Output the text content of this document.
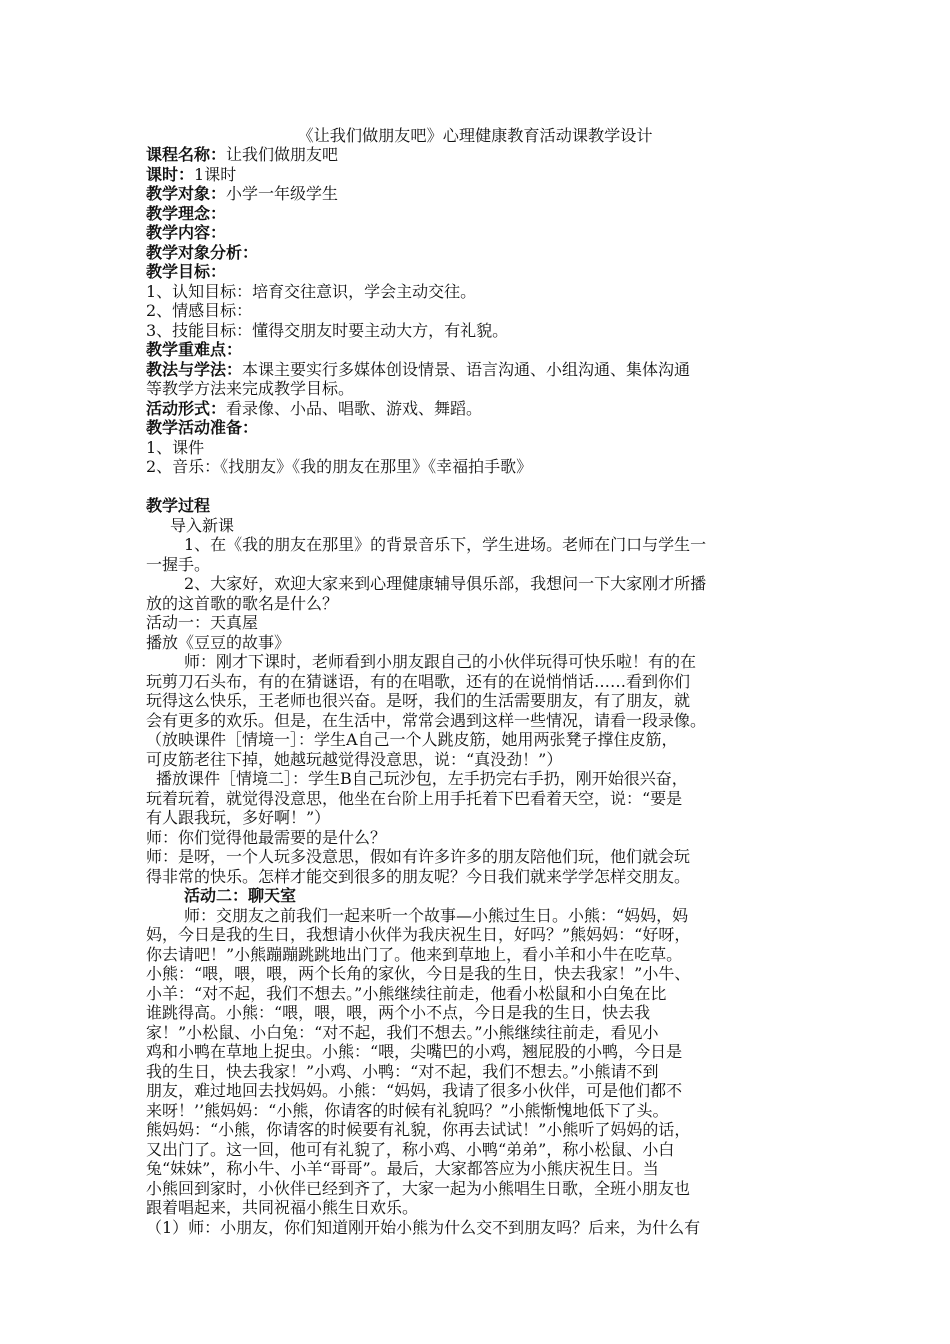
《让我们做朋友吧》心理健康教育活动课教学设计

课程名称：让我们做朋友吧

课时：1课时

教学对象：小学一年级学生

教学理念：

教学内容：

教学对象分析：

教学目标：

1、认知目标：培育交往意识，学会主动交往。

2、情感目标：

3、技能目标：懂得交朋友时要主动大方，有礼貌。

教学重难点：

教法与学法：本课主要实行多媒体创设情景、语言沟通、小组沟通、集体沟通

等教学方法来完成教学目标。

活动形式：看录像、小品、唱歌、游戏、舞蹈。

教学活动准备：

1、课件

2、音乐：《找朋友》《我的朋友在那里》《幸福拍手歌》

教学过程

导入新课

1、在《我的朋友在那里》的背景音乐下，学生进场。老师在门口与学生一

一握手。

2、大家好，欢迎大家来到心理健康辅导俱乐部，我想问一下大家刚才所播

放的这首歌的歌名是什么？

活动一：天真屋

播放《豆豆的故事》

师：刚才下课时，老师看到小朋友跟自己的小伙伴玩得可快乐啦！有的在

玩剪刀石头布，有的在猜谜语，有的在唱歌，还有的在说悄悄话……看到你们

玩得这么快乐，王老师也很兴奋。是呀，我们的生活需要朋友，有了朋友，就

会有更多的欢乐。但是，在生活中，常常会遇到这样一些情况，请看一段录像。

（放映课件［情境一］：学生A自己一个人跳皮筋，她用两张凳子撑住皮筋，

可皮筋老往下掉，她越玩越觉得没意思，说：“真没劲！”）

播放课件［情境二］：学生B自己玩沙包，左手扔完右手扔，刚开始很兴奋，

玩着玩着，就觉得没意思，他坐在台阶上用手托着下巴看着天空，说：“要是

有人跟我玩，多好啊！”）

师：你们觉得他最需要的是什么？

师：是呀，一个人玩多没意思，假如有许多许多的朋友陪他们玩，他们就会玩

得非常的快乐。怎样才能交到很多的朋友呢？今日我们就来学学怎样交朋友。

活动二：聊天室

师：交朋友之前我们一起来听一个故事—小熊过生日。小熊：“妈妈，妈

妈，今日是我的生日，我想请小伙伴为我庆祝生日，好吗？”熊妈妈：“好呀，

你去请吧！”小熊蹦蹦跳跳地出门了。他来到草地上，看小羊和小牛在吃草。

小熊：“喂，喂，喂，两个长角的家伙，今日是我的生日，快去我家！”小牛、

小羊：“对不起，我们不想去。”小熊继续往前走，他看小松鼠和小白兔在比

谁跳得高。小熊：“喂，喂，喂，两个小不点，今日是我的生日，快去我

家！”小松鼠、小白兔：“对不起，我们不想去。”小熊继续往前走，看见小

鸡和小鸭在草地上捉虫。小熊：“喂，尖嘴巴的小鸡，翘屁股的小鸭，今日是

我的生日，快去我家！”小鸡、小鸭：“对不起，我们不想去。”小熊请不到

朋友，难过地回去找妈妈。小熊：“妈妈，我请了很多小伙伴，可是他们都不

来呀！’’熊妈妈：“小熊，你请客的时候有礼貌吗？”小熊惭愧地低下了头。

熊妈妈：“小熊，你请客的时候要有礼貌，你再去试试！”小熊听了妈妈的话，

又出门了。这一回，他可有礼貌了，称小鸡、小鸭“弟弟”，称小松鼠、小白

兔“妹妹”，称小牛、小羊“哥哥”。最后，大家都答应为小熊庆祝生日。当

小熊回到家时，小伙伴已经到齐了，大家一起为小熊唱生日歌，全班小朋友也

跟着唱起来，共同祝福小熊生日欢乐。

（1）师：小朋友，你们知道刚开始小熊为什么交不到朋友吗？后来，为什么有
